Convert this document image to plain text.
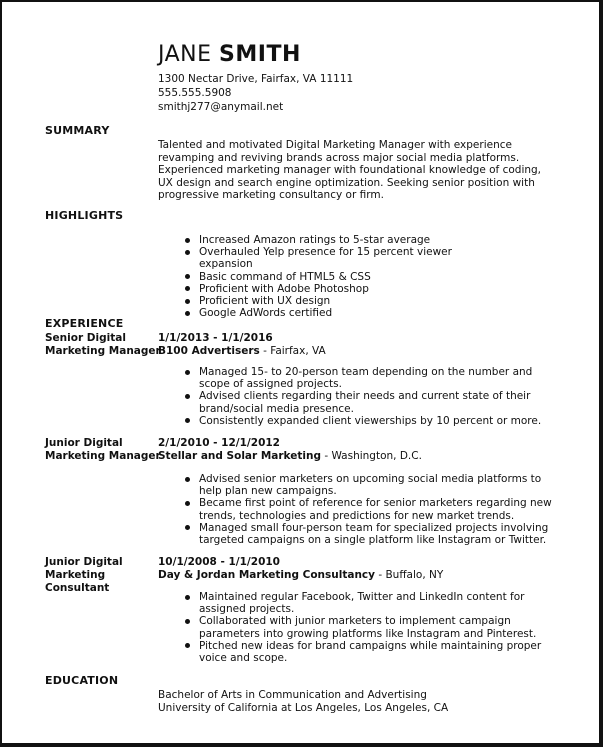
JANE SMITH
1300 Nectar Drive, Fairfax, VA 11111
555.555.5908
smithj277@anymail.net
SUMMARY
Talented and motivated Digital Marketing Manager with experience revamping and reviving brands across major social media platforms. Experienced marketing manager with foundational knowledge of coding, UX design and search engine optimization. Seeking senior position with progressive marketing consultancy or firm.
HIGHLIGHTS
Increased Amazon ratings to 5-star average
Overhauled Yelp presence for 15 percent viewer expansion
Basic command of HTML5 & CSS
Proficient with Adobe Photoshop
Proficient with UX design
Google AdWords certified
EXPERIENCE
Senior Digital Marketing Manager
1/1/2013 - 1/1/2016
B100 Advertisers - Fairfax, VA
Managed 15- to 20-person team depending on the number and scope of assigned projects.
Advised clients regarding their needs and current state of their brand/social media presence.
Consistently expanded client viewerships by 10 percent or more.
Junior Digital Marketing Manager
2/1/2010 - 12/1/2012
Stellar and Solar Marketing - Washington, D.C.
Advised senior marketers on upcoming social media platforms to help plan new campaigns.
Became first point of reference for senior marketers regarding new trends, technologies and predictions for new market trends.
Managed small four-person team for specialized projects involving targeted campaigns on a single platform like Instagram or Twitter.
Junior Digital Marketing Consultant
10/1/2008 - 1/1/2010
Day & Jordan Marketing Consultancy - Buffalo, NY
Maintained regular Facebook, Twitter and LinkedIn content for assigned projects.
Collaborated with junior marketers to implement campaign parameters into growing platforms like Instagram and Pinterest.
Pitched new ideas for brand campaigns while maintaining proper voice and scope.
EDUCATION
Bachelor of Arts in Communication and Advertising
University of California at Los Angeles, Los Angeles, CA
